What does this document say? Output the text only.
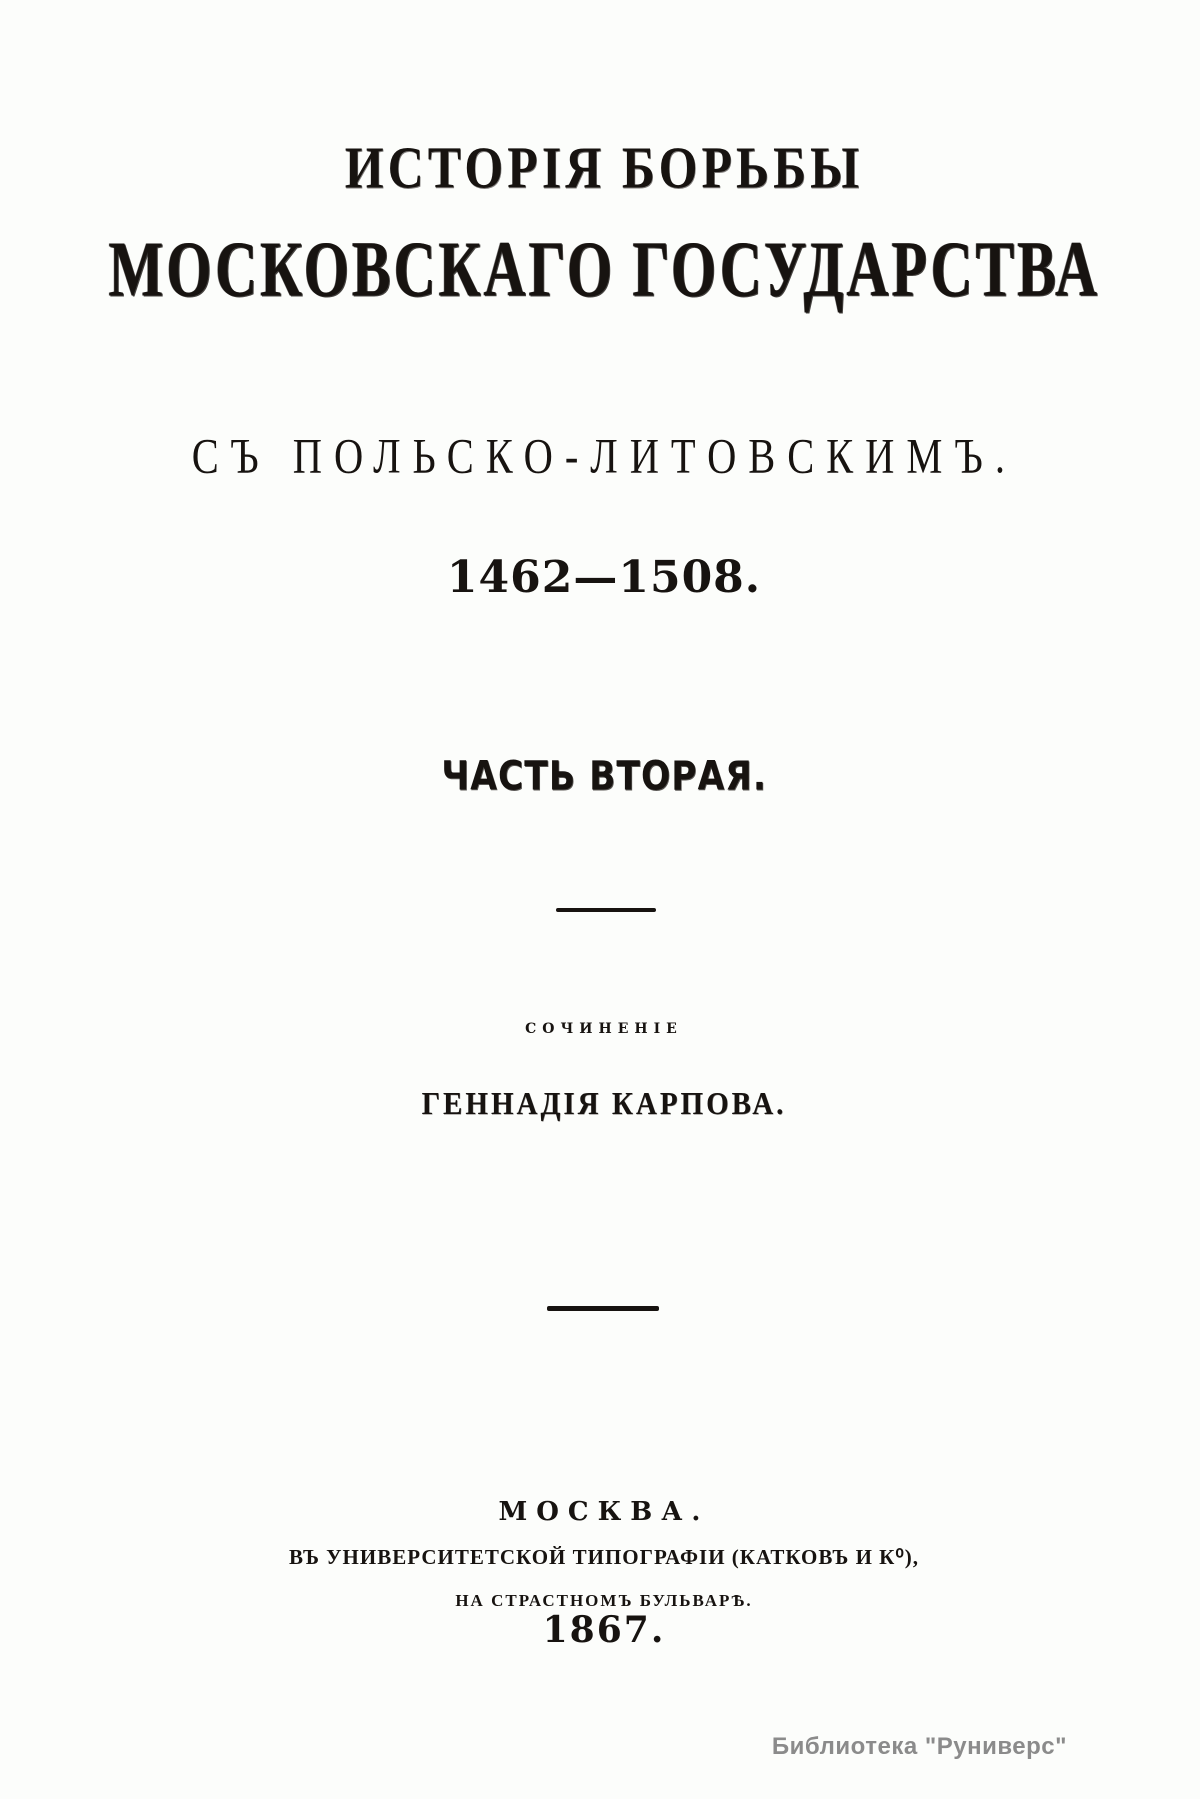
ИСТОРІЯ БОРЬБЫ
МОСКОВСКАГО ГОСУДАРСТВА
СЪ ПОЛЬСКО-ЛИТОВСКИМЪ.
1462—1508.
ЧАСТЬ ВТОРАЯ.
СОЧИНЕНІЕ
ГЕННАДІЯ КАРПОВА.
МОСКВА.
ВЪ УНИВЕРСИТЕТСКОЙ ТИПОГРАФІИ (КАТКОВЪ И К⁰),
НА СТРАСТНОМЪ БУЛЬВАРѢ.
1867.
Библиотека "Руниверс"
